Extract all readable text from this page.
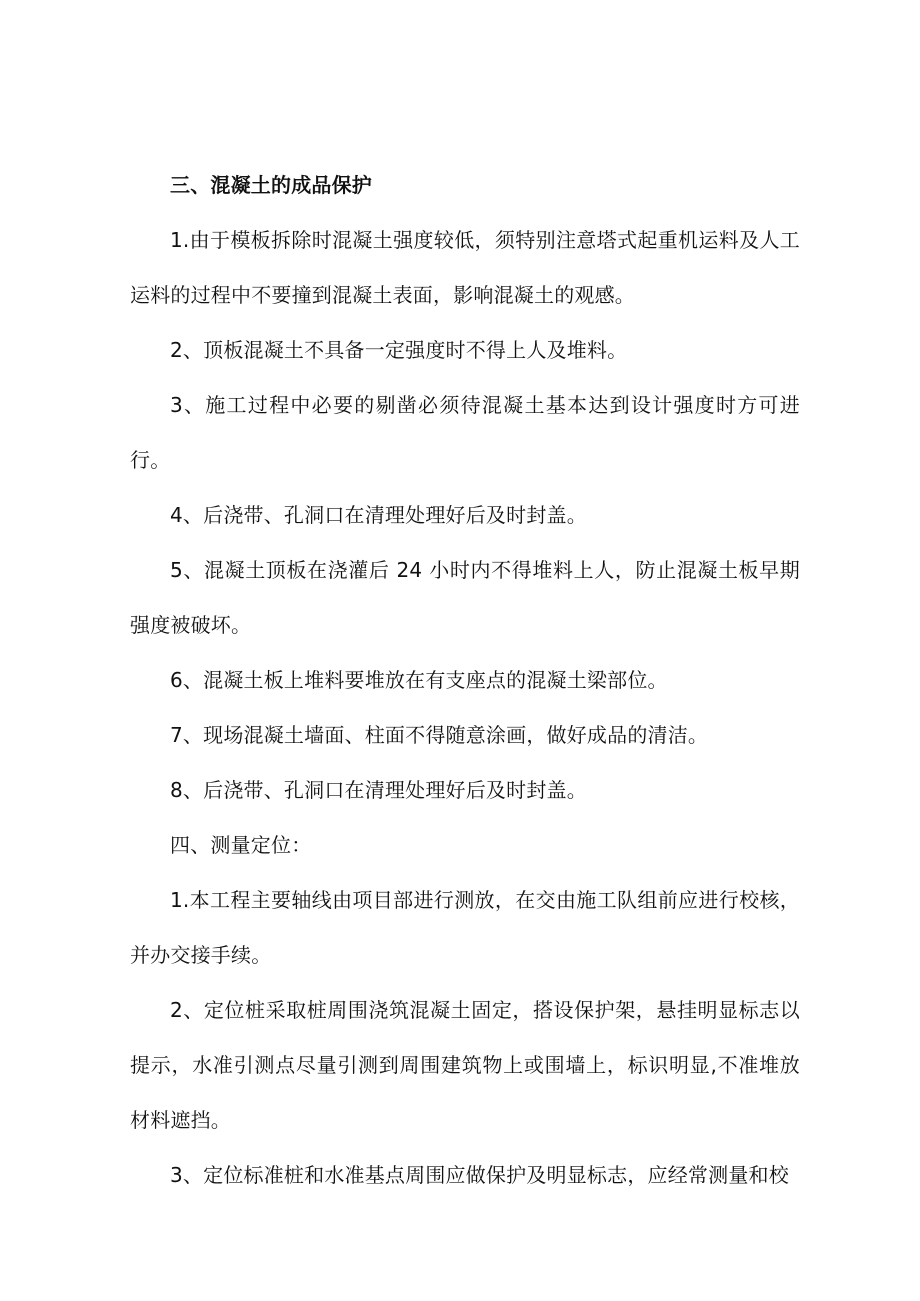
三、混凝土的成品保护

1.由于模板拆除时混凝土强度较低，须特别注意塔式起重机运料及人工运料的过程中不要撞到混凝土表面，影响混凝土的观感。

2、顶板混凝土不具备一定强度时不得上人及堆料。

3、施工过程中必要的剔凿必须待混凝土基本达到设计强度时方可进行。

4、后浇带、孔洞口在清理处理好后及时封盖。

5、混凝土顶板在浇灌后 24 小时内不得堆料上人，防止混凝土板早期强度被破坏。

6、混凝土板上堆料要堆放在有支座点的混凝土梁部位。

7、现场混凝土墙面、柱面不得随意涂画，做好成品的清洁。

8、后浇带、孔洞口在清理处理好后及时封盖。

四、测量定位：

1.本工程主要轴线由项目部进行测放，在交由施工队组前应进行校核，并办交接手续。

2、定位桩采取桩周围浇筑混凝土固定，搭设保护架，悬挂明显标志以提示，水准引测点尽量引测到周围建筑物上或围墙上，标识明显,不准堆放材料遮挡。

3、定位标准桩和水准基点周围应做保护及明显标志，应经常测量和校
